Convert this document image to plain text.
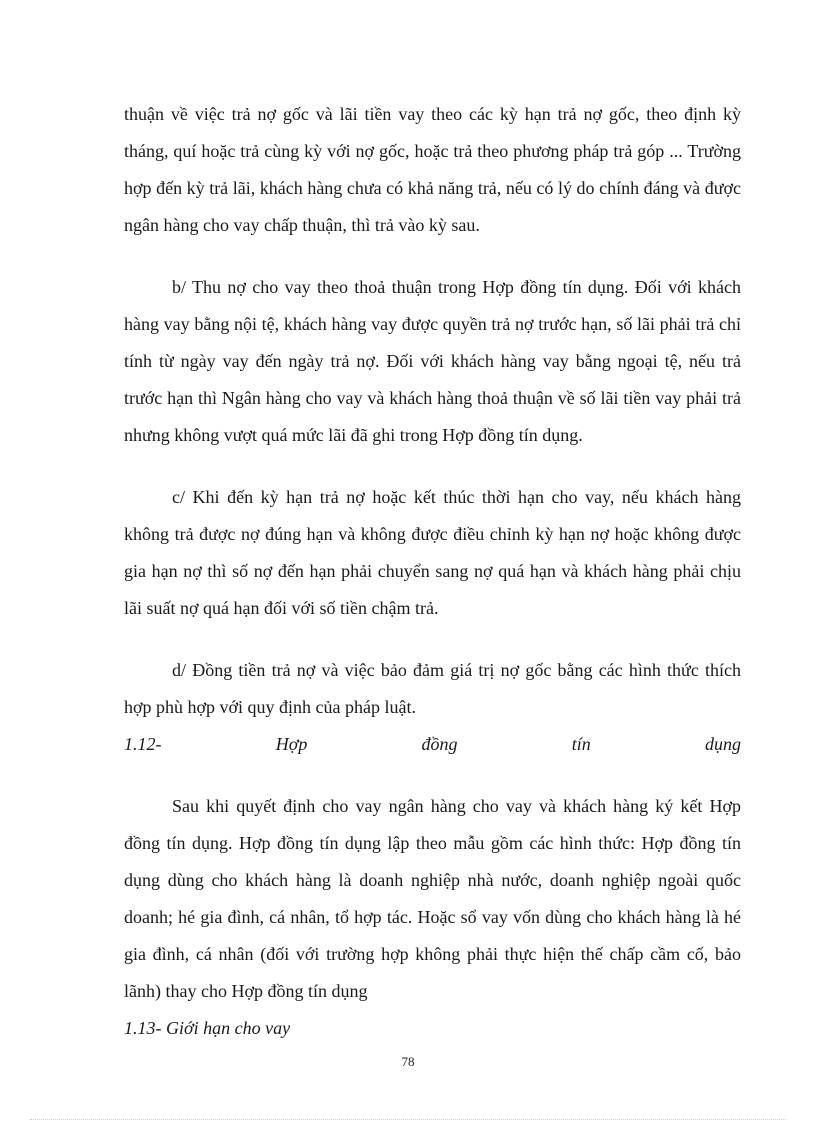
thuận về việc trả nợ gốc và lãi tiền vay theo các kỳ hạn trả nợ gốc, theo định kỳ tháng, quí hoặc trả cùng kỳ với nợ gốc, hoặc trả theo phương pháp trả góp ... Trường hợp đến kỳ trả lãi, khách hàng chưa có khả năng trả, nếu có lý do chính đáng và được ngân hàng cho vay chấp thuận, thì trả vào kỳ sau.

b/ Thu nợ cho vay theo thoả thuận trong Hợp đồng tín dụng. Đối với khách hàng vay bằng nội tệ, khách hàng vay được quyền trả nợ trước hạn, số lãi phải trả chỉ tính từ ngày vay đến ngày trả nợ. Đối với khách hàng vay bằng ngoại tệ, nếu trả trước hạn thì Ngân hàng cho vay và khách hàng thoả thuận về số lãi tiền vay phải trả nhưng không vượt quá mức lãi đã ghi trong Hợp đồng tín dụng.

c/ Khi đến kỳ hạn trả nợ hoặc kết thúc thời hạn cho vay, nếu khách hàng không trả được nợ đúng hạn và không được điều chỉnh kỳ hạn nợ hoặc không được gia hạn nợ thì số nợ đến hạn phải chuyển sang nợ quá hạn và khách hàng phải chịu lãi suất nợ quá hạn đối với số tiền chậm trả.

d/ Đồng tiền trả nợ và việc bảo đảm giá trị nợ gốc bằng các hình thức thích hợp phù hợp với quy định của pháp luật.

1.12-	Hợp	đồng	tín	dụng

Sau khi quyết định cho vay ngân hàng cho vay và khách hàng ký kết Hợp đồng tín dụng. Hợp đồng tín dụng lập theo mẫu gồm các hình thức: Hợp đồng tín dụng dùng cho khách hàng là doanh nghiệp nhà nước, doanh nghiệp ngoài quốc doanh; hé gia đình, cá nhân, tổ hợp tác. Hoặc sổ vay vốn dùng cho khách hàng là hé gia đình, cá nhân (đối với trường hợp không phải thực hiện thế chấp cầm cố, bảo lãnh) thay cho Hợp đồng tín dụng

1.13- Giới hạn cho vay

78
